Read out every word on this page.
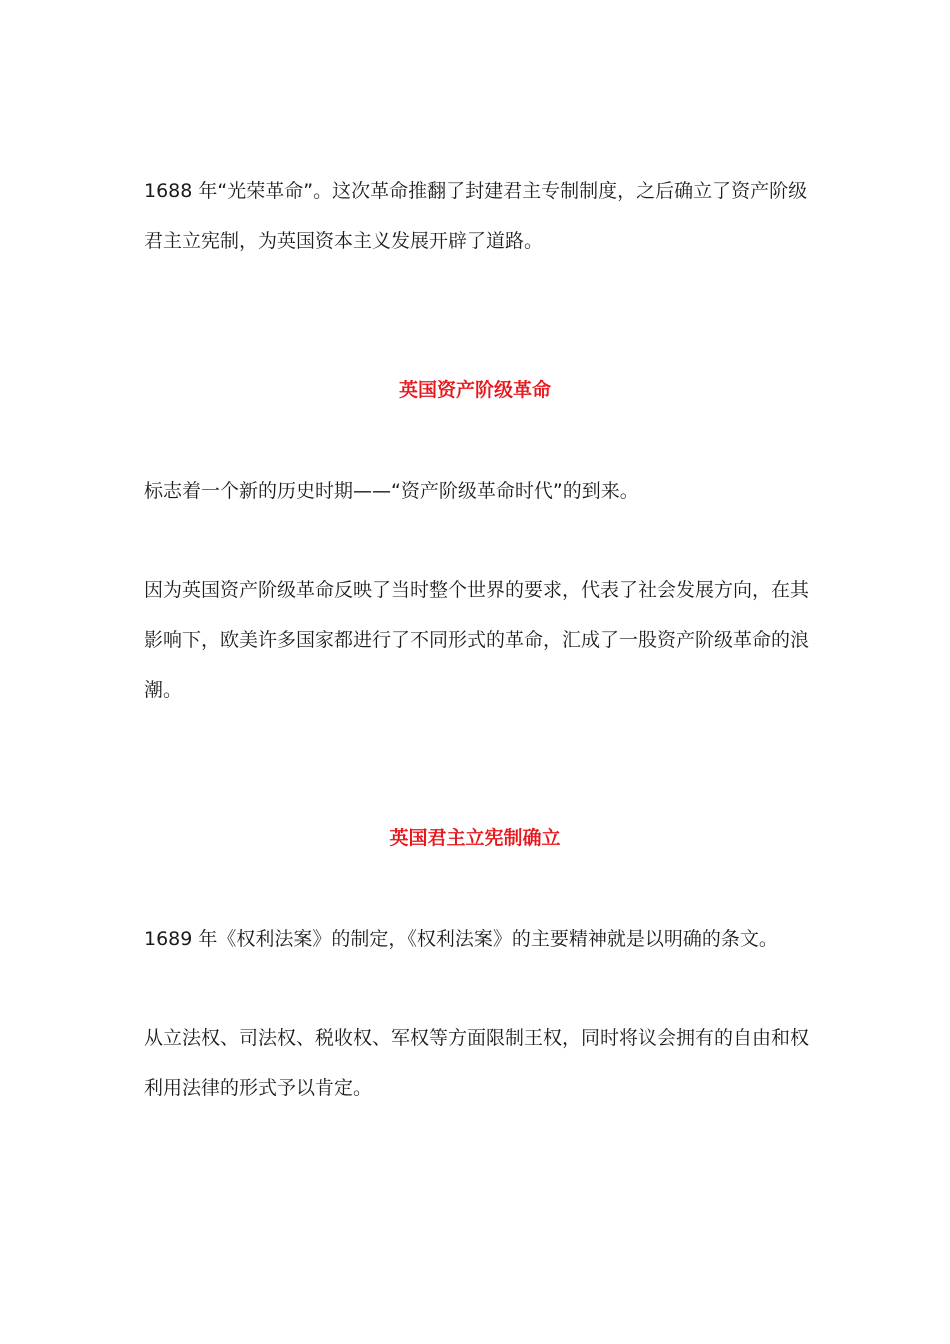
1688 年“光荣革命”。这次革命推翻了封建君主专制制度，之后确立了资产阶级君主立宪制，为英国资本主义发展开辟了道路。

英国资产阶级革命

标志着一个新的历史时期——“资产阶级革命时代”的到来。

因为英国资产阶级革命反映了当时整个世界的要求，代表了社会发展方向，在其影响下，欧美许多国家都进行了不同形式的革命，汇成了一股资产阶级革命的浪潮。

英国君主立宪制确立

1689 年《权利法案》的制定，《权利法案》的主要精神就是以明确的条文。

从立法权、司法权、税收权、军权等方面限制王权，同时将议会拥有的自由和权利用法律的形式予以肯定。
